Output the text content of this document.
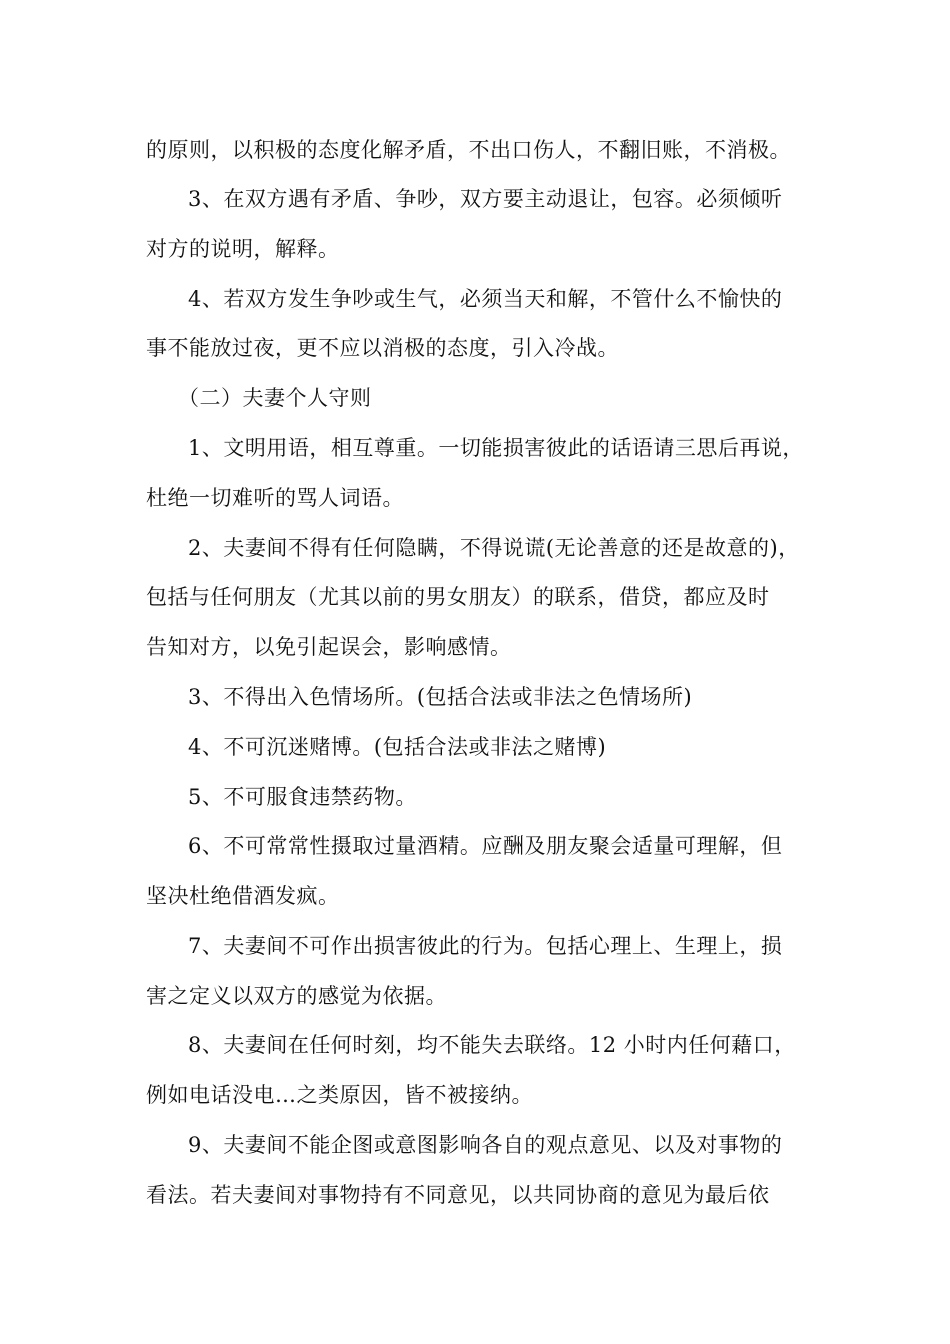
的原则，以积极的态度化解矛盾，不出口伤人，不翻旧账，不消极。
3、在双方遇有矛盾、争吵，双方要主动退让，包容。必须倾听
对方的说明，解释。
4、若双方发生争吵或生气，必须当天和解，不管什么不愉快的
事不能放过夜，更不应以消极的态度，引入冷战。
（二）夫妻个人守则
1、文明用语，相互尊重。一切能损害彼此的话语请三思后再说，
杜绝一切难听的骂人词语。
2、夫妻间不得有任何隐瞒，不得说谎(无论善意的还是故意的)，
包括与任何朋友（尤其以前的男女朋友）的联系，借贷，都应及时
告知对方，以免引起误会，影响感情。
3、不得出入色情场所。(包括合法或非法之色情场所)
4、不可沉迷赌博。(包括合法或非法之赌博)
5、不可服食违禁药物。
6、不可常常性摄取过量酒精。应酬及朋友聚会适量可理解，但
坚决杜绝借酒发疯。
7、夫妻间不可作出损害彼此的行为。包括心理上、生理上，损
害之定义以双方的感觉为依据。
8、夫妻间在任何时刻，均不能失去联络。12 小时内任何藉口，
例如电话没电…之类原因，皆不被接纳。
9、夫妻间不能企图或意图影响各自的观点意见、以及对事物的
看法。若夫妻间对事物持有不同意见，以共同协商的意见为最后依
